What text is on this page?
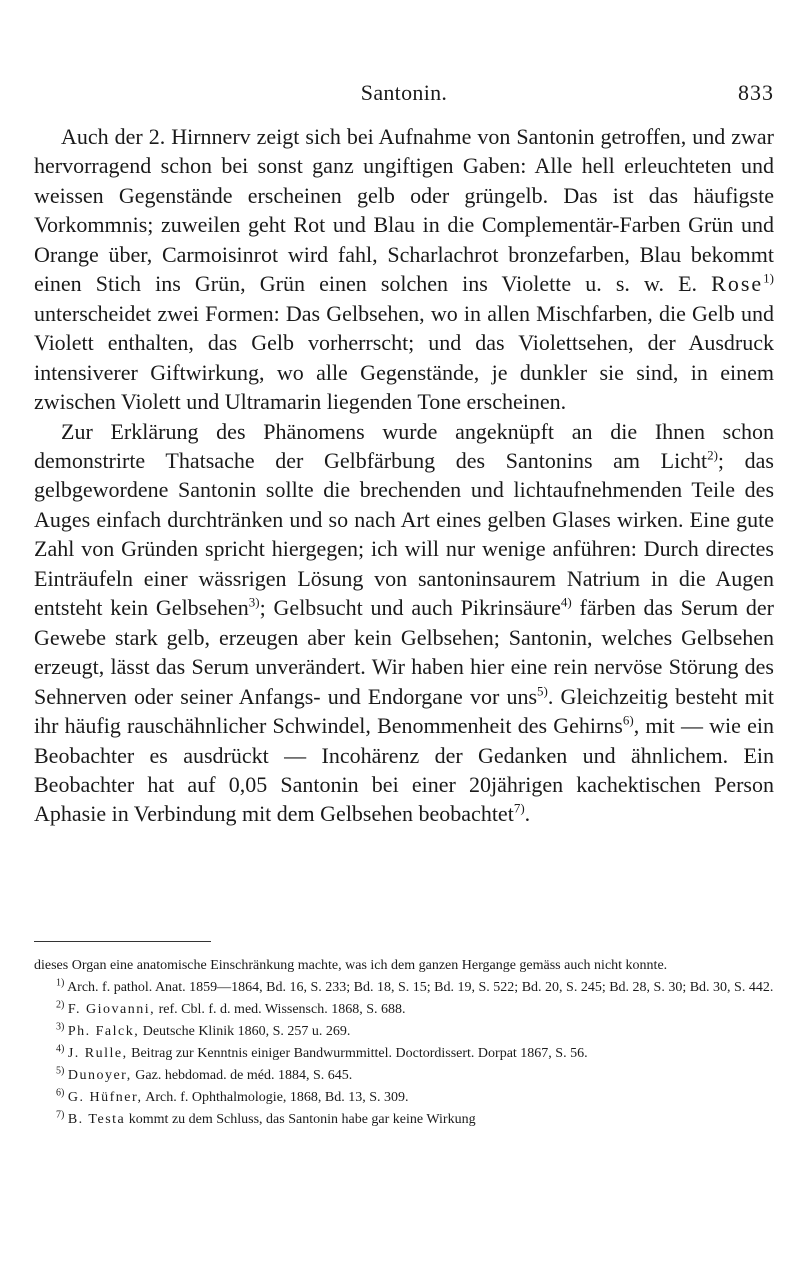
Santonin.	833

Auch der 2. Hirnnerv zeigt sich bei Aufnahme von Santonin getroffen, und zwar hervorragend schon bei sonst ganz ungiftigen Gaben: Alle hell erleuchteten und weissen Gegenstände erscheinen gelb oder grüngelb. Das ist das häufigste Vorkommnis; zuweilen geht Rot und Blau in die Complementär-Farben Grün und Orange über, Carmoisinrot wird fahl, Scharlachrot bronzefarben, Blau bekommt einen Stich ins Grün, Grün einen solchen ins Violette u. s. w. E. Rose$^{1)}$ unterscheidet zwei Formen: Das Gelbsehen, wo in allen Mischfarben, die Gelb und Violett enthalten, das Gelb vorherrscht; und das Violettsehen, der Ausdruck intensiverer Giftwirkung, wo alle Gegenstände, je dunkler sie sind, in einem zwischen Violett und Ultramarin liegenden Tone erscheinen.

Zur Erklärung des Phänomens wurde angeknüpft an die Ihnen schon demonstrirte Thatsache der Gelbfärbung des Santonins am Licht$^{2)}$; das gelbgewordene Santonin sollte die brechenden und lichtaufnehmenden Teile des Auges einfach durchtränken und so nach Art eines gelben Glases wirken. Eine gute Zahl von Gründen spricht hiergegen; ich will nur wenige anführen: Durch directes Einträufeln einer wässrigen Lösung von santoninsaurem Natrium in die Augen entsteht kein Gelbsehen$^{3)}$; Gelbsucht und auch Pikrinsäure$^{4)}$ färben das Serum der Gewebe stark gelb, erzeugen aber kein Gelbsehen; Santonin, welches Gelbsehen erzeugt, lässt das Serum unverändert. Wir haben hier eine rein nervöse Störung des Sehnerven oder seiner Anfangs- und Endorgane vor uns$^{5)}$. Gleichzeitig besteht mit ihr häufig rauschähnlicher Schwindel, Benommenheit des Gehirns$^{6)}$, mit — wie ein Beobachter es ausdrückt — Incohärenz der Gedanken und ähnlichem. Ein Beobachter hat auf 0,05 Santonin bei einer 20jährigen kachektischen Person Aphasie in Verbindung mit dem Gelbsehen beobachtet$^{7)}$.

dieses Organ eine anatomische Einschränkung machte, was ich dem ganzen Hergange gemäss auch nicht konnte.

$^{1)}$ Arch. f. pathol. Anat. 1859—1864, Bd. 16, S. 233; Bd. 18, S. 15; Bd. 19, S. 522; Bd. 20, S. 245; Bd. 28, S. 30; Bd. 30, S. 442.

$^{2)}$ F. Giovanni, ref. Cbl. f. d. med. Wissensch. 1868, S. 688.

$^{3)}$ Ph. Falck, Deutsche Klinik 1860, S. 257 u. 269.

$^{4)}$ J. Rulle, Beitrag zur Kenntnis einiger Bandwurmmittel. Doctordissert. Dorpat 1867, S. 56.

$^{5)}$ Dunoyer, Gaz. hebdomad. de méd. 1884, S. 645.

$^{6)}$ G. Hüfner, Arch. f. Ophthalmologie, 1868, Bd. 13, S. 309.

$^{7)}$ B. Testa kommt zu dem Schluss, das Santonin habe gar keine Wirkung
